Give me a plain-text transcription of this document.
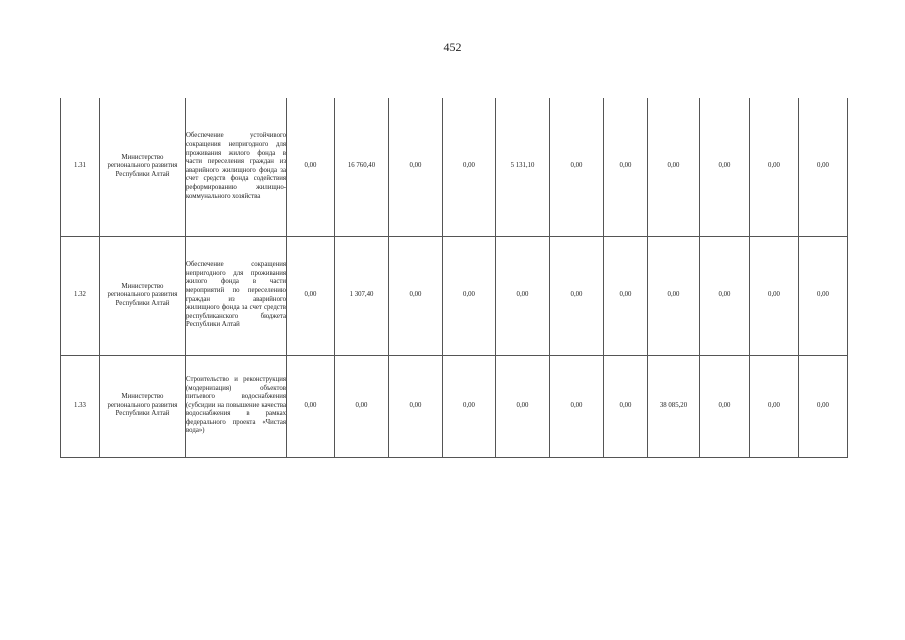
452
1.31	Министерство регионального развития Республики Алтай	Обеспечение устойчивого сокращения непригодного для проживания жилого фонда в части переселения граждан из аварийного жилищного фонда за счет средств фонда содействия реформированию жилищно-коммунального хозяйства	0,00	16 760,40	0,00	0,00	5 131,10	0,00	0,00	0,00	0,00	0,00	0,00
1.32	Министерство регионального развития Республики Алтай	Обеспечение сокращения непригодного для проживания жилого фонда в части мероприятий по переселению граждан из аварийного жилищного фонда за счет средств республиканского бюджета Республики Алтай	0,00	1 307,40	0,00	0,00	0,00	0,00	0,00	0,00	0,00	0,00	0,00
1.33	Министерство регионального развития Республики Алтай	Строительство и реконструкция (модернизация) объектов питьевого водоснабжения (субсидии на повышение качества водоснабжения в рамках федерального проекта «Чистая вода»)	0,00	0,00	0,00	0,00	0,00	0,00	0,00	38 085,20	0,00	0,00	0,00
